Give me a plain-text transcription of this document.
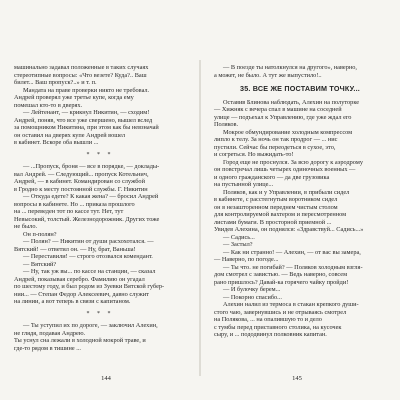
машинально задавал положенные в таких случаях

стереотипные вопросы: «Что везете? Куда?.. Ваш

билет... Ваш пропуск?..» и т. п.

Мандата на праве проверки никто не требовал.

Андрей проверял уже третье купе, когда ему

помешал кто-то в дверях.

— Лейтенант, — крикнул Никитин, — сходим!

Андрей, поняв, что все уже свершено, вышел вслед

за помощником Никитина, при этом как бы невзначай

он оставил на дверях купе Андрей вошел

в кабинет. Вскоре оба вышли ...

* * *

— ...Пропуск, броня — все в порядке, — доклады-

вал Андрей. — Следующий... пропуск Котельнич,

Андрей, — в кабинет. Командирован со службой

в Гродно к месту постоянной службы. Г. Никитин

— Откуда едете? К какая жена? — бросил Андрей

вопросы в кабинете. Но ... приказа прошлого

на ... переведен тот по кассе тут. Нет, тут

Невысокий, толстый. Железнодорожник. Других тоже

не было.

Он п-полян?

— Полян? — Никитин от души расхохотался. —

Вятский! — ответил он. — Ну, брат, Ваньша!

— Переставили! — строго отозвался комендант.

— Вятский?

— Ну, так уж вы... по кассе на станции, — сказал

Андрей, показывая серебро. Фамилию он угадал

по шестому году, и был родом из Зуевки Вятской губер-

нии... — Степан Федор Алексеевич, давно служит

на линии, а вот теперь в связи с капитаном.

* * *

— Ты уступил их по дороге, — заключил Алехин,

не глядя, подавая Андрею.

Ты уснул сна лежали в холодной мокрой траве, и

где-то рядом в тишине ...

144

— В поезде ты натолкнулся на другого», наверно,

а может, не было. А тут же выпустило!..

35. ВСЕ ЖЕ ПОСТАВИМ ТОЧКУ...

Оставив Блинова наблюдать, Алехин на полуторке

— Хижняк с вечера спал в машине на соседней

улице — подъехал к Управлению, где уже ждал его

Поляков.

Мокрое обмундирование холодным компрессом

липло к телу. За ночь он так продрог — ... нис

пустили. Сейчас бы переодеться в сухое, это,

и согреться. Но выжидать-то!

Город еще не проснулся. За всю дорогу к аэродрому

он повстречал лишь четырех одиночных военных —

и одного гражданского — да две грузовика

на пустынной улице...

Поляков, как и у Управлении, в прибыли сидел

в кабинете, с расстегнутым воротником сидел

он в незашторенном переднем чистым столом

для контролируемой вахтером и пересмотренном

листами бумаги. В просторной приемной ...

Увидев Алехина, он поднялся: «Здравствуй... Садись...»

— Садись...

— Застыл?

— Как ни странно! — Алехин, — от вас вы замера,

— Наверно, по погоде...

— Ты что. не погибай? — Поляков холодным взгля-

дом смотрел с завистью. — Ведь наверно, совсем

рано пришлось? Давай-ка горячего чайку пройди!

— И булочку берем...

— Покорно спасибо...

Алехин налил из термоса в стакан крепкого души-

стого чаю, завернувшись и не отрываясь смотрел

на Полякова, ... на опалившую то и дело

с тумбы перед приставного столика, на кусочек

сыру, и ... пододвинул полковник капитан.

145
